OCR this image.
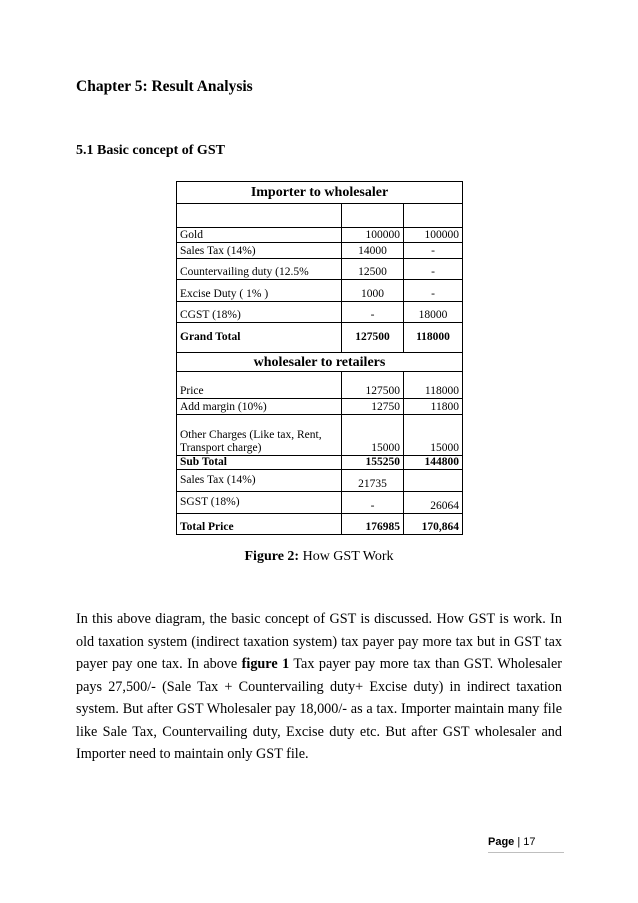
Chapter 5: Result Analysis
5.1 Basic concept of GST
Importer to wholesaler		

Gold	100000	100000
Sales Tax (14%)	14000	-
Countervailing duty (12.5%	12500	-
Excise Duty ( 1% )	1000	-
CGST (18%)	-	18000
Grand Total	127500	118000
wholesaler to retailers		
Price	127500	118000
Add margin (10%)	12750	11800
Other Charges (Like tax, Rent, Transport charge)	15000	15000
Sub Total	155250	144800
Sales Tax (14%)	21735	
SGST (18%)	-	26064
Total Price	176985	170,864
Figure 2: How GST Work

In this above diagram, the basic concept of GST is discussed. How GST is work. In old taxation system (indirect taxation system) tax payer pay more tax but in GST tax payer pay one tax. In above figure 1 Tax payer pay more tax than GST. Wholesaler pays 27,500/- (Sale Tax + Countervailing duty+ Excise duty) in indirect taxation system. But after GST Wholesaler pay 18,000/- as a tax. Importer maintain many file like Sale Tax, Countervailing duty, Excise duty etc. But after GST wholesaler and Importer need to maintain only GST file.

Page | 17
